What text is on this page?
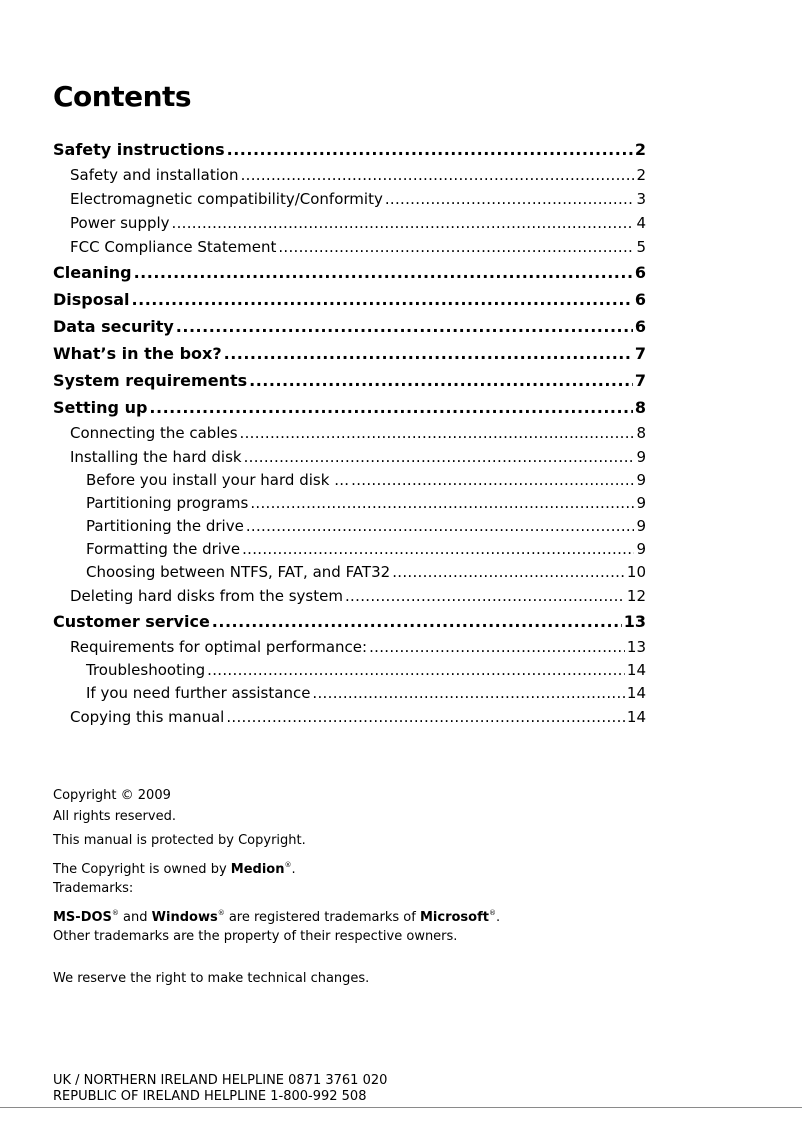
Contents
Safety instructions .....	2
Safety and installation .....	2
Electromagnetic compatibility/Conformity .....	3
Power supply .....	4
FCC Compliance Statement .....	5
Cleaning .....	6
Disposal .....	6
Data security .....	6
What’s in the box? .....	7
System requirements .....	7
Setting up .....	8
Connecting the cables .....	8
Installing the hard disk .....	9
Before you install your hard disk … .....	9
Partitioning programs .....	9
Partitioning the drive .....	9
Formatting the drive .....	9
Choosing between NTFS, FAT, and FAT32 .....	10
Deleting hard disks from the system .....	12
Customer service .....	13
Requirements for optimal performance: .....	13
Troubleshooting .....	14
If you need further assistance .....	14
Copying this manual .....	14
Copyright © 2009
All rights reserved.
This manual is protected by Copyright.
The Copyright is owned by Medion®.
Trademarks:
MS-DOS® and Windows® are registered trademarks of Microsoft®.
Other trademarks are the property of their respective owners.
We reserve the right to make technical changes.
UK / NORTHERN IRELAND HELPLINE 0871 3761 020
REPUBLIC OF IRELAND HELPLINE 1-800-992 508
